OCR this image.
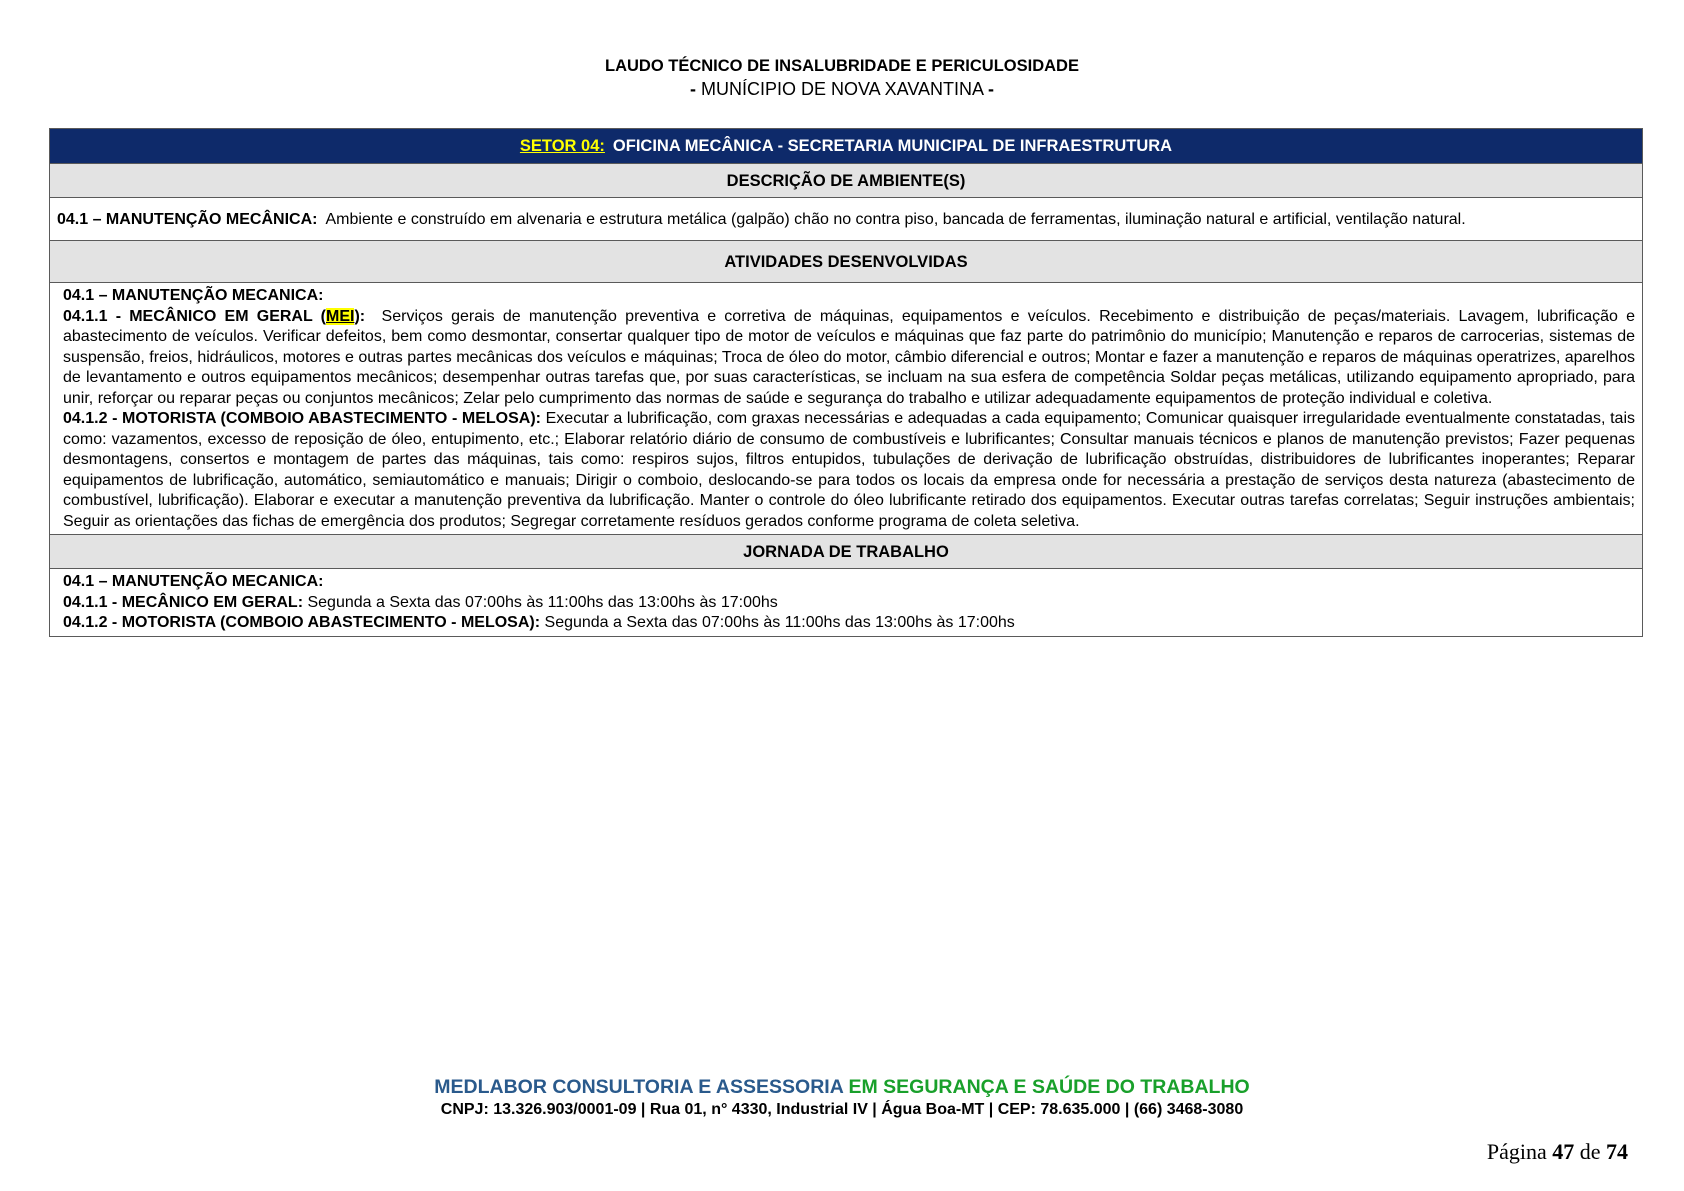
LAUDO TÉCNICO DE INSALUBRIDADE E PERICULOSIDADE
- MUNÍCIPIO DE NOVA XAVANTINA -
SETOR 04: OFICINA MECÂNICA - SECRETARIA MUNICIPAL DE INFRAESTRUTURA
DESCRIÇÃO DE AMBIENTE(S)
04.1 – MANUTENÇÃO MECÂNICA: Ambiente e construído em alvenaria e estrutura metálica (galpão) chão no contra piso, bancada de ferramentas, iluminação natural e artificial, ventilação natural.
ATIVIDADES DESENVOLVIDAS
04.1 – MANUTENÇÃO MECANICA:
04.1.1 - MECÂNICO EM GERAL (MEI): Serviços gerais de manutenção preventiva e corretiva de máquinas, equipamentos e veículos. Recebimento e distribuição de peças/materiais. Lavagem, lubrificação e abastecimento de veículos. Verificar defeitos, bem como desmontar, consertar qualquer tipo de motor de veículos e máquinas que faz parte do patrimônio do município; Manutenção e reparos de carrocerias, sistemas de suspensão, freios, hidráulicos, motores e outras partes mecânicas dos veículos e máquinas; Troca de óleo do motor, câmbio diferencial e outros; Montar e fazer a manutenção e reparos de máquinas operatrizes, aparelhos de levantamento e outros equipamentos mecânicos; desempenhar outras tarefas que, por suas características, se incluam na sua esfera de competência Soldar peças metálicas, utilizando equipamento apropriado, para unir, reforçar ou reparar peças ou conjuntos mecânicos; Zelar pelo cumprimento das normas de saúde e segurança do trabalho e utilizar adequadamente equipamentos de proteção individual e coletiva.
04.1.2 - MOTORISTA (COMBOIO ABASTECIMENTO - MELOSA): Executar a lubrificação, com graxas necessárias e adequadas a cada equipamento; Comunicar quaisquer irregularidade eventualmente constatadas, tais como: vazamentos, excesso de reposição de óleo, entupimento, etc.; Elaborar relatório diário de consumo de combustíveis e lubrificantes; Consultar manuais técnicos e planos de manutenção previstos; Fazer pequenas desmontagens, consertos e montagem de partes das máquinas, tais como: respiros sujos, filtros entupidos, tubulações de derivação de lubrificação obstruídas, distribuidores de lubrificantes inoperantes; Reparar equipamentos de lubrificação, automático, semiautomático e manuais; Dirigir o comboio, deslocando-se para todos os locais da empresa onde for necessária a prestação de serviços desta natureza (abastecimento de combustível, lubrificação). Elaborar e executar a manutenção preventiva da lubrificação. Manter o controle do óleo lubrificante retirado dos equipamentos. Executar outras tarefas correlatas; Seguir instruções ambientais; Seguir as orientações das fichas de emergência dos produtos; Segregar corretamente resíduos gerados conforme programa de coleta seletiva.
JORNADA DE TRABALHO
04.1 – MANUTENÇÃO MECANICA:
04.1.1 - MECÂNICO EM GERAL: Segunda a Sexta das 07:00hs às 11:00hs das 13:00hs às 17:00hs
04.1.2 - MOTORISTA (COMBOIO ABASTECIMENTO - MELOSA): Segunda a Sexta das 07:00hs às 11:00hs das 13:00hs às 17:00hs
MEDLABOR CONSULTORIA E ASSESSORIA EM SEGURANÇA E SAÚDE DO TRABALHO
CNPJ: 13.326.903/0001-09 | Rua 01, n° 4330, Industrial IV | Água Boa-MT | CEP: 78.635.000 | (66) 3468-3080
Página 47 de 74
